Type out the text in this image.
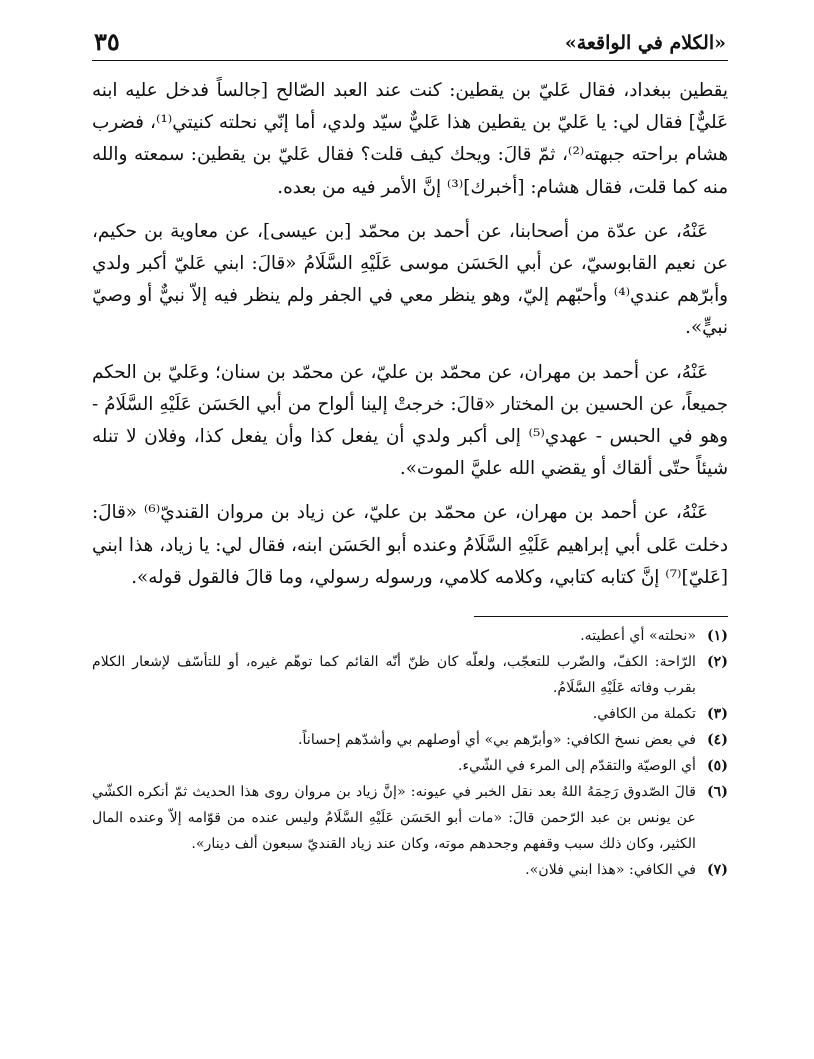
«الكلام في الواقعة»
٣٥

يقطين ببغداد، فقال عَليّ بن يقطين: كنت عند العبد الصّالح [جالساً فدخل عليه ابنه عَليٌّ] فقال لي: يا عَليّ بن يقطين هذا عَليٌّ سيّد ولدي، أما إنّي نحلته كنيتي⁽¹⁾، فضرب هشام براحته جبهته⁽²⁾، ثمّ قالَ: ويحك كيف قلت؟ فقال عَليّ بن يقطين: سمعته والله منه كما قلت، فقال هشام: [أخبرك]⁽³⁾ إنَّ الأمر فيه من بعده.

عَنْهُ، عن عدّة من أصحابنا، عن أحمد بن محمّد [بن عيسى]، عن معاوية بن حكيم، عن نعيم القابوسيّ، عن أبي الحَسَن موسى عَلَيْهِ السَّلَامُ «قالَ: ابني عَليّ أكبر ولدي وأبرّهم عندي⁽⁴⁾ وأحبّهم إليّ، وهو ينظر معي في الجفر ولم ينظر فيه إلاّ نبيٌّ أو وصيّ نبيٍّ».

عَنْهُ، عن أحمد بن مهران، عن محمّد بن عليّ، عن محمّد بن سنان؛ وعَليّ بن الحكم جميعاً، عن الحسين بن المختار «قالَ: خرجتْ إلينا ألواح من أبي الحَسَن عَلَيْهِ السَّلَامُ - وهو في الحبس - عهدي⁽⁵⁾ إلى أكبر ولدي أن يفعل كذا وأن يفعل كذا، وفلان لا تنله شيئاً حتّى ألقاك أو يقضي الله عليَّ الموت».

عَنْهُ، عن أحمد بن مهران، عن محمّد بن عليّ، عن زياد بن مروان القنديّ⁽⁶⁾ «قالَ: دخلت عَلى أبي إبراهيم عَلَيْهِ السَّلَامُ وعنده أبو الحَسَن ابنه، فقال لي: يا زياد، هذا ابني [عَليّ]⁽⁷⁾ إنَّ كتابه كتابي، وكلامه كلامي، ورسوله رسولي، وما قالَ فالقول قوله».

(١)
«نحلته» أي أعطيته.
(٢)
الرّاحة: الكفّ، والضّرب للتعجّب، ولعلّه كان ظنّ أنّه القائم كما توهّم غيره، أو للتأسّف لإشعار الكلام بقرب وفاته عَلَيْهِ السَّلَامُ.
(٣)
تكملة من الكافي.
(٤)
في بعض نسخ الكافي: «وأبرّهم بي» أي أوصلهم بي وأشدّهم إحساناً.
(٥)
أي الوصيّة والتقدّم إلى المرء في الشّيء.
(٦)
قالَ الصّدوق رَحِمَهُ اللهُ بعد نقل الخبر في عيونه: «إنَّ زياد بن مروان روى هذا الحديث ثمّ أنكره الكشّي عن يونس بن عبد الرّحمن قالَ: «مات أبو الحَسَن عَلَيْهِ السَّلَامُ وليس عنده من قوّامه إلاّ وعنده المال الكثير، وكان ذلك سبب وقفهم وجحدهم موته، وكان عند زياد القنديّ سبعون ألف دينار».
(٧)
في الكافي: «هذا ابني فلان».
